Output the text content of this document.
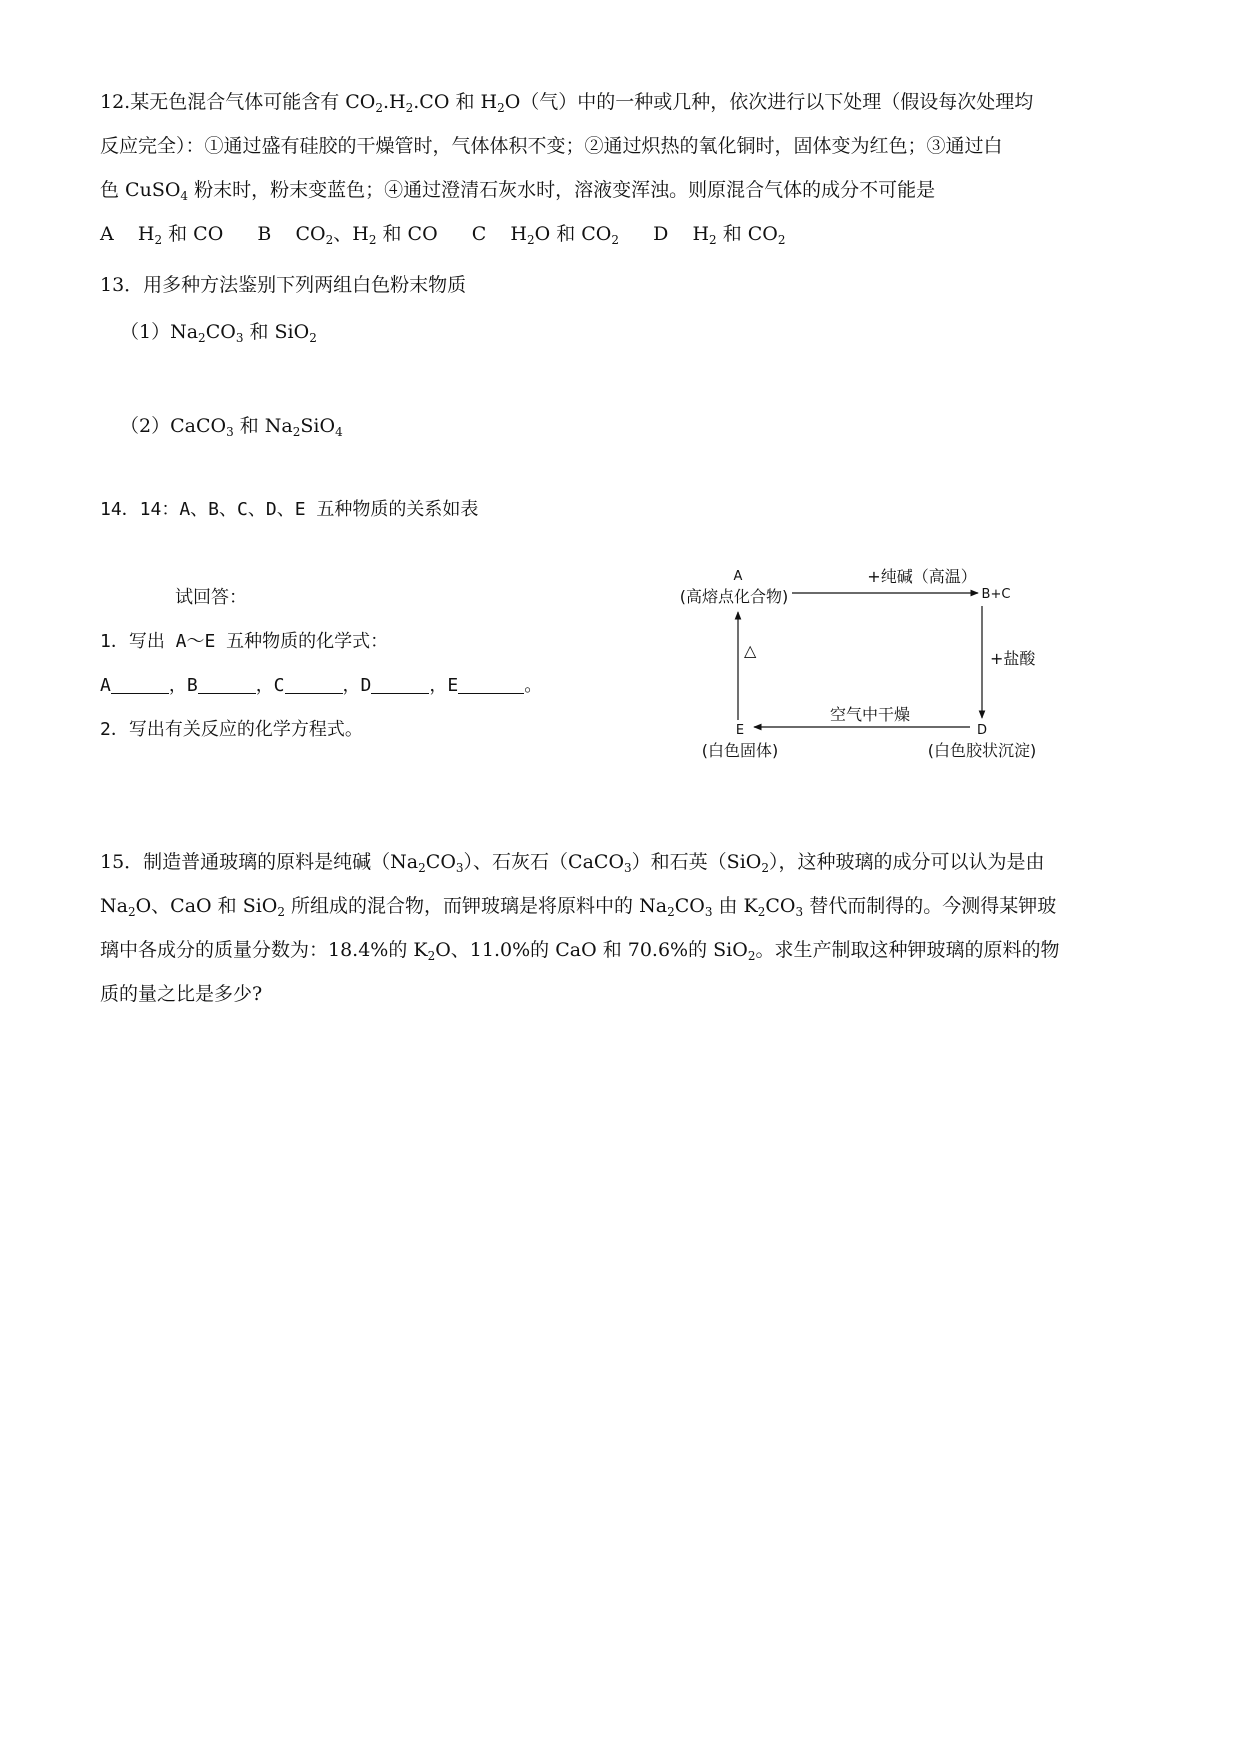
12.某无色混合气体可能含有 $CO_2.H_2.CO$ 和 $H_2O$（气）中的一种或几种，依次进行以下处理（假设每次处理均
反应完全）：①通过盛有硅胶的干燥管时，气体体积不变；②通过炽热的氧化铜时，固体变为红色；③通过白
色 CuSO$_4$ 粉末时，粉末变蓝色；④通过澄清石灰水时，溶液变浑浊。则原混合气体的成分不可能是
A    $H_2$ 和 CO B    $CO_2$、$H_2$ 和 CO C    $H_2O$ 和 $CO_2$ D    $H_2$ 和 $CO_2$
13．用多种方法鉴别下列两组白色粉末物质
$(1)Na_2CO_3$ 和 SiO$_2$
（2）CaCO$_3$ 和 $Na_2SiO_4$
14．14：A、B、C、D、E 五种物质的关系如表
试回答：
1．写出 A～E 五种物质的化学式：
A	，B	，C	，D	，E	。
2．写出有关反应的化学方程式。
A
(高熔点化合物)
+纯碱（高温）
B+C
+盐酸
D
(白色胶状沉淀)
空气中干燥
E
(白色固体)
△
15．制造普通玻璃的原料是纯碱$(Na_2CO_3)$、石灰石（CaCO$_3$）和石英（SiO$_2$），这种玻璃的成分可以认为是由
$Na_2O$、CaO 和 SiO$_2$ 所组成的混合物，而钾玻璃是将原料中的 $Na_2CO_3$ 由 $K_2CO_3$ 替代而制得的。今测得某钾玻
璃中各成分的质量分数为：18.4%的 $K_2O$、11.0%的 CaO 和 70.6%的 SiO$_2$。求生产制取这种钾玻璃的原料的物
质的量之比是多少?
